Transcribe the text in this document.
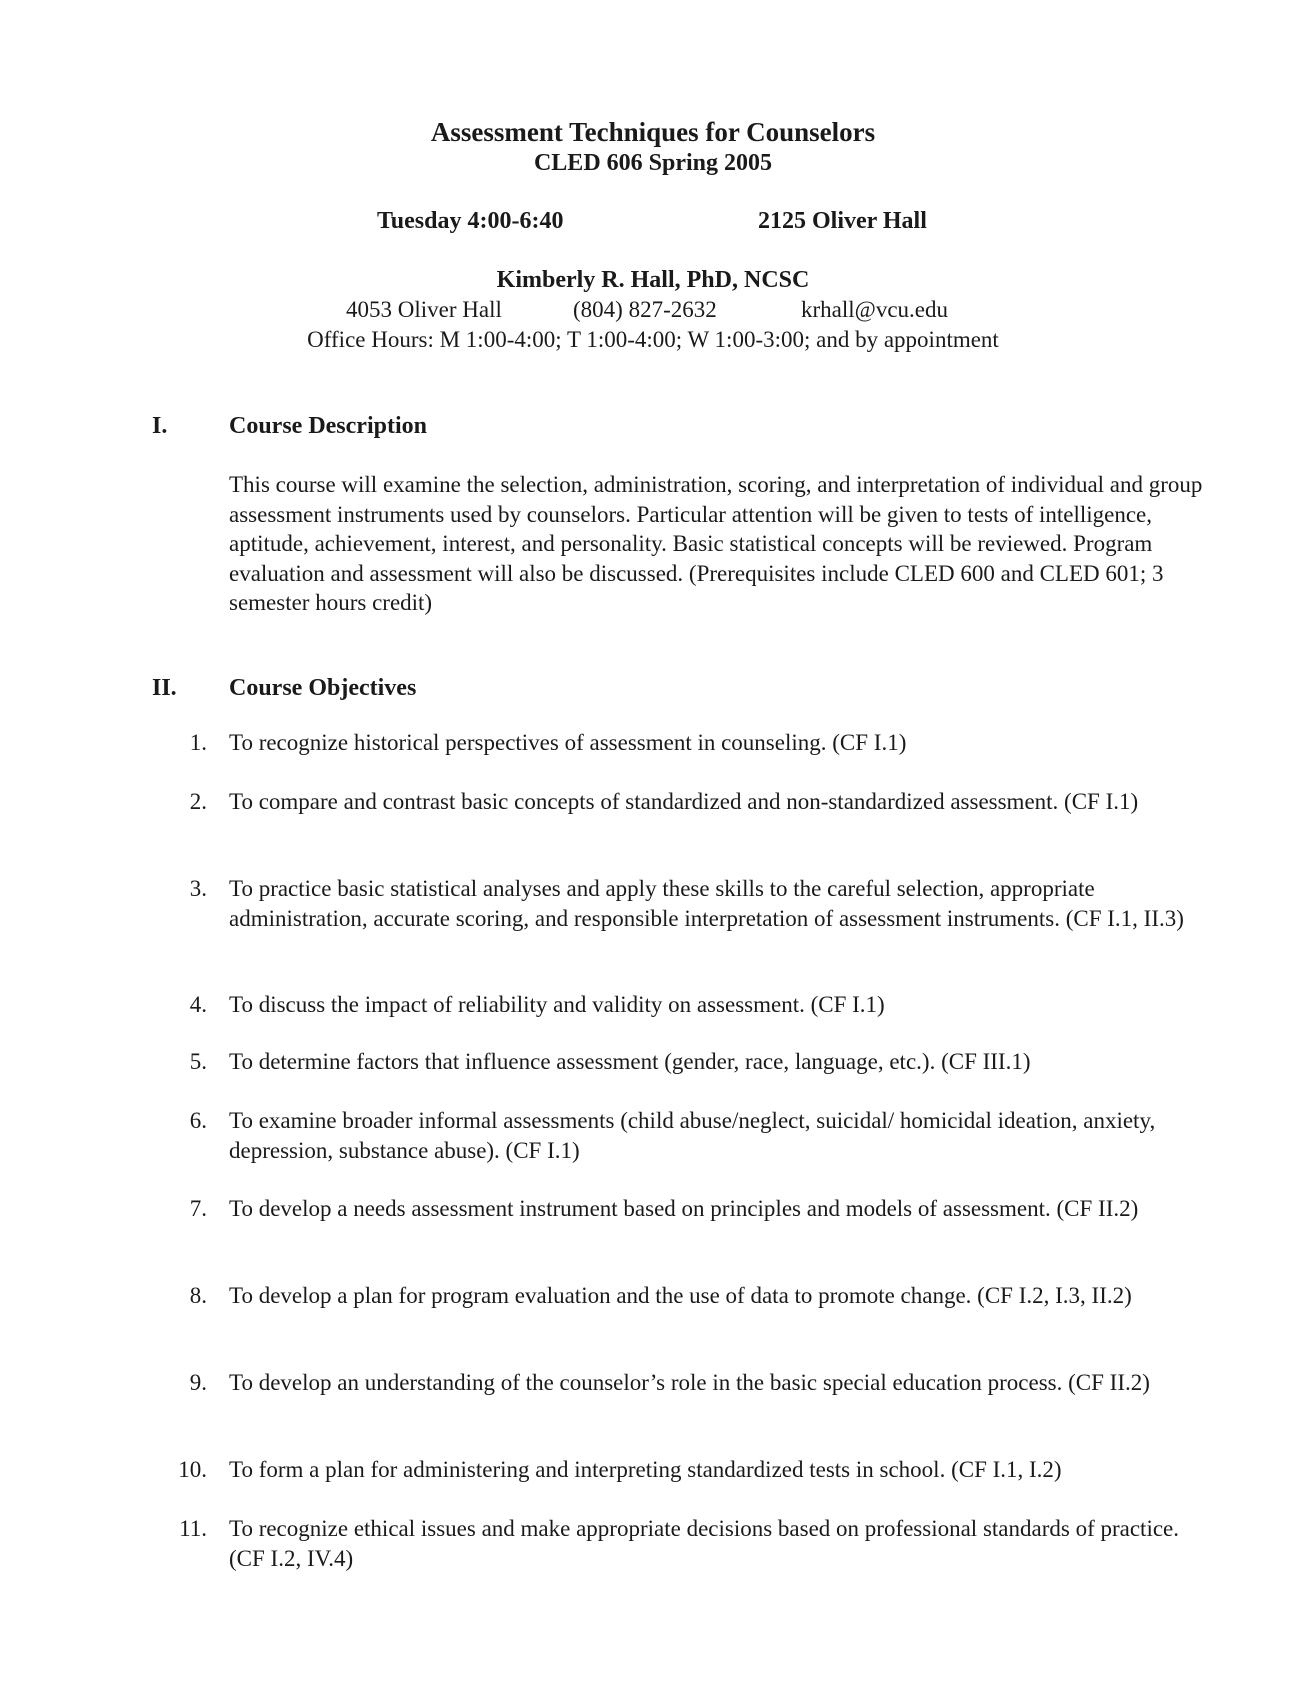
Assessment Techniques for Counselors
CLED 606 Spring 2005
Tuesday 4:00-6:40	2125 Oliver Hall
Kimberly R. Hall, PhD, NCSC
4053 Oliver Hall	(804) 827-2632	krhall@vcu.edu
Office Hours: M 1:00-4:00; T 1:00-4:00; W 1:00-3:00; and by appointment
I.	Course Description
This course will examine the selection, administration, scoring, and interpretation of individual and group assessment instruments used by counselors. Particular attention will be given to tests of intelligence, aptitude, achievement, interest, and personality. Basic statistical concepts will be reviewed. Program evaluation and assessment will also be discussed. (Prerequisites include CLED 600 and CLED 601; 3 semester hours credit)
II. Course Objectives
1. To recognize historical perspectives of assessment in counseling. (CF I.1)
2. To compare and contrast basic concepts of standardized and non-standardized assessment. (CF I.1)
3. To practice basic statistical analyses and apply these skills to the careful selection, appropriate administration, accurate scoring, and responsible interpretation of assessment instruments. (CF I.1, II.3)
4. To discuss the impact of reliability and validity on assessment. (CF I.1)
5. To determine factors that influence assessment (gender, race, language, etc.). (CF III.1)
6. To examine broader informal assessments (child abuse/neglect, suicidal/ homicidal ideation, anxiety, depression, substance abuse). (CF I.1)
7. To develop a needs assessment instrument based on principles and models of assessment. (CF II.2)
8. To develop a plan for program evaluation and the use of data to promote change. (CF I.2, I.3, II.2)
9. To develop an understanding of the counselor’s role in the basic special education process. (CF II.2)
10. To form a plan for administering and interpreting standardized tests in school. (CF I.1, I.2)
11. To recognize ethical issues and make appropriate decisions based on professional standards of practice. (CF I.2, IV.4)
